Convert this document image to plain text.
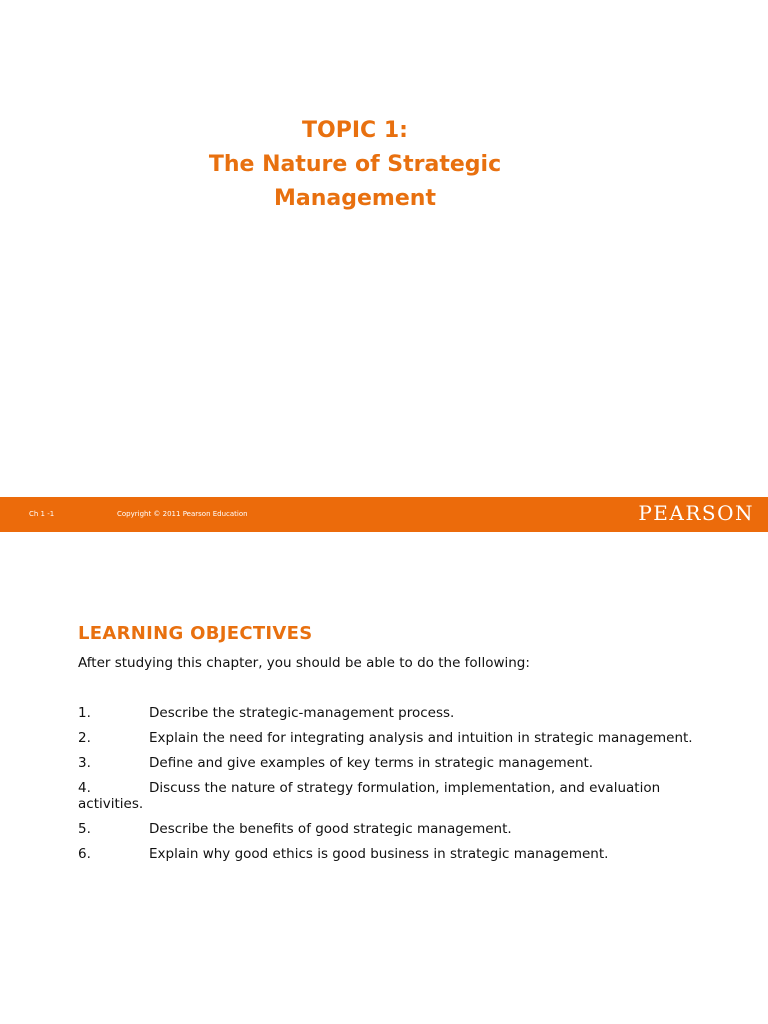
TOPIC 1:
The Nature of Strategic
Management
Ch 1 -1	Copyright © 2011 Pearson Education	PEARSON
LEARNING OBJECTIVES
After studying this chapter, you should be able to do the following:
1.	Describe the strategic-management process.
2.	Explain the need for integrating analysis and intuition in strategic management.
3.	Define and give examples of key terms in strategic management.
4.	Discuss the nature of strategy formulation, implementation, and evaluation activities.
5.	Describe the benefits of good strategic management.
6.	Explain why good ethics is good business in strategic management.
